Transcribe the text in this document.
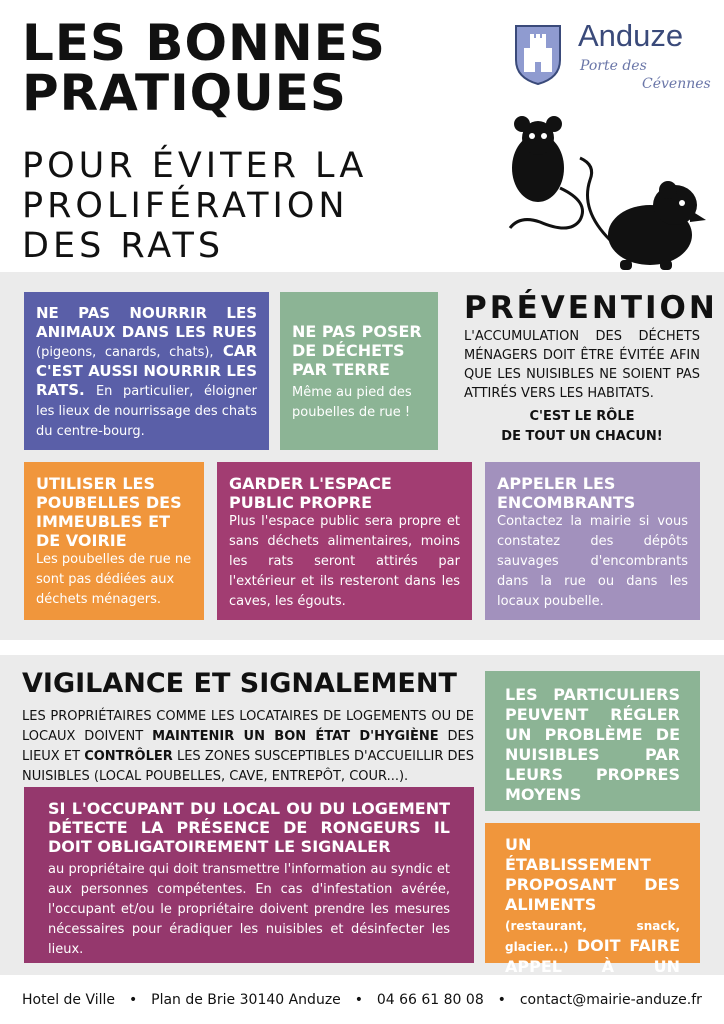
LES BONNES
PRATIQUES
POUR ÉVITER LA
PROLIFÉRATION
DES RATS
Anduze
Porte des
Cévennes
NE PAS NOURRIR LES ANIMAUX DANS LES RUES (pigeons, canards, chats), CAR C'EST AUSSI NOURRIR LES RATS. En particulier, éloigner les lieux de nourrissage des chats du centre-bourg.
NE PAS POSER DE DÉCHETS PAR TERRE
Même au pied des poubelles de rue !
PRÉVENTION
L'ACCUMULATION DES DÉCHETS MÉNAGERS DOIT ÊTRE ÉVITÉE AFIN QUE LES NUISIBLES NE SOIENT PAS ATTIRÉS VERS LES HABITATS.
C'EST LE RÔLE
DE TOUT UN CHACUN!
UTILISER LES POUBELLES DES IMMEUBLES ET DE VOIRIE
Les poubelles de rue ne sont pas dédiées aux déchets ménagers.
GARDER L'ESPACE PUBLIC PROPRE
Plus l'espace public sera propre et sans déchets alimentaires, moins les rats seront attirés par l'extérieur et ils resteront dans les caves, les égouts.
APPELER LES ENCOMBRANTS
Contactez la mairie si vous constatez des dépôts sauvages d'encombrants dans la rue ou dans les locaux poubelle.
VIGILANCE ET SIGNALEMENT
LES PROPRIÉTAIRES COMME LES LOCATAIRES DE LOGEMENTS OU DE LOCAUX DOIVENT MAINTENIR UN BON ÉTAT D'HYGIÈNE DES LIEUX ET CONTRÔLER LES ZONES SUSCEPTIBLES D'ACCUEILLIR DES NUISIBLES (LOCAL POUBELLES, CAVE, ENTREPÔT, COUR...).
SI L'OCCUPANT DU LOCAL OU DU LOGEMENT DÉTECTE LA PRÉSENCE DE RONGEURS IL DOIT OBLIGATOIREMENT LE SIGNALER
au propriétaire qui doit transmettre l'information au syndic et aux personnes compétentes. En cas d'infestation avérée, l'occupant et/ou le propriétaire doivent prendre les mesures nécessaires pour éradiquer les nuisibles et désinfecter les lieux.
LES PARTICULIERS PEUVENT RÉGLER UN PROBLÈME DE NUISIBLES PAR LEURS PROPRES MOYENS
UN ÉTABLISSEMENT PROPOSANT DES ALIMENTS (restaurant, snack, glacier...) DOIT FAIRE APPEL À UN PROFESSIONNEL
Hotel de Ville • Plan de Brie 30140 Anduze • 04 66 61 80 08 • contact@mairie-anduze.fr
